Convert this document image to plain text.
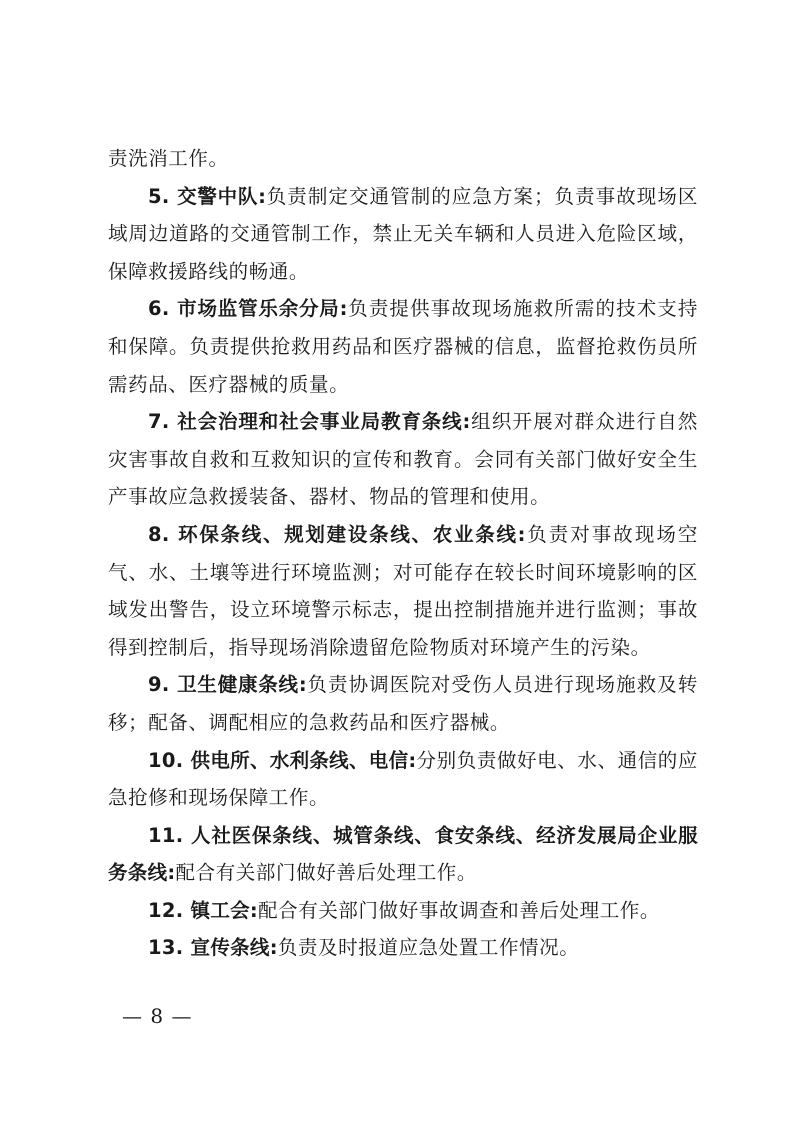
责洗消工作。

5. 交警中队:负责制定交通管制的应急方案；负责事故现场区域周边道路的交通管制工作，禁止无关车辆和人员进入危险区域，保障救援路线的畅通。

6. 市场监管乐余分局:负责提供事故现场施救所需的技术支持和保障。负责提供抢救用药品和医疗器械的信息，监督抢救伤员所需药品、医疗器械的质量。

7. 社会治理和社会事业局教育条线:组织开展对群众进行自然灾害事故自救和互救知识的宣传和教育。会同有关部门做好安全生产事故应急救援装备、器材、物品的管理和使用。

8. 环保条线、规划建设条线、农业条线:负责对事故现场空气、水、土壤等进行环境监测；对可能存在较长时间环境影响的区域发出警告，设立环境警示标志，提出控制措施并进行监测；事故得到控制后，指导现场消除遗留危险物质对环境产生的污染。

9. 卫生健康条线:负责协调医院对受伤人员进行现场施救及转移；配备、调配相应的急救药品和医疗器械。

10. 供电所、水利条线、电信:分别负责做好电、水、通信的应急抢修和现场保障工作。

11. 人社医保条线、城管条线、食安条线、经济发展局企业服务条线:配合有关部门做好善后处理工作。

12. 镇工会:配合有关部门做好事故调查和善后处理工作。

13. 宣传条线:负责及时报道应急处置工作情况。

— 8 —
